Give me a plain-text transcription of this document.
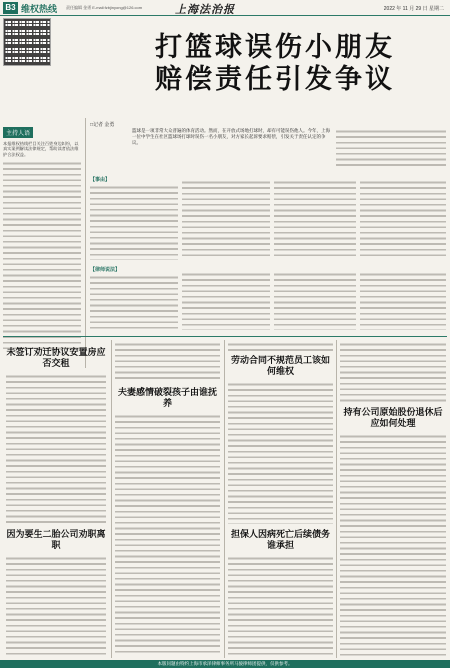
B3 维权热线 责任编辑 金勇 E-mail:fzbjinyong@126.com	上海法治报	2022 年 11 月 29 日 星期二
打篮球误伤小朋友赔偿责任引发争议
主持人语
本报维权热线栏目关注百姓身边纠纷，以真实案例解读法律规定，帮助读者依法维护合法权益。
□记者 金勇
篮球是一项非常大众普遍的体育活动。然而，在开放式场地打球时，却有可能误伤他人。今年，上海一位中学生在社区篮球场打球时误伤一名小朋友，对方家长起诉要求赔偿，引发关于责任认定的争议。
【事由】
【律师说法】
未签订劝迁协议安置房应否交租
因为要生二胎公司劝职离职
夫妻感情破裂孩子由谁抚养
劳动合同不规范员工该如何维权
担保人因病死亡后续债务谁承担
持有公司原始股份退休后应如何处理
本版问题由特约上海市承泽律师事务所马骏律师团提供，仅供参考。
